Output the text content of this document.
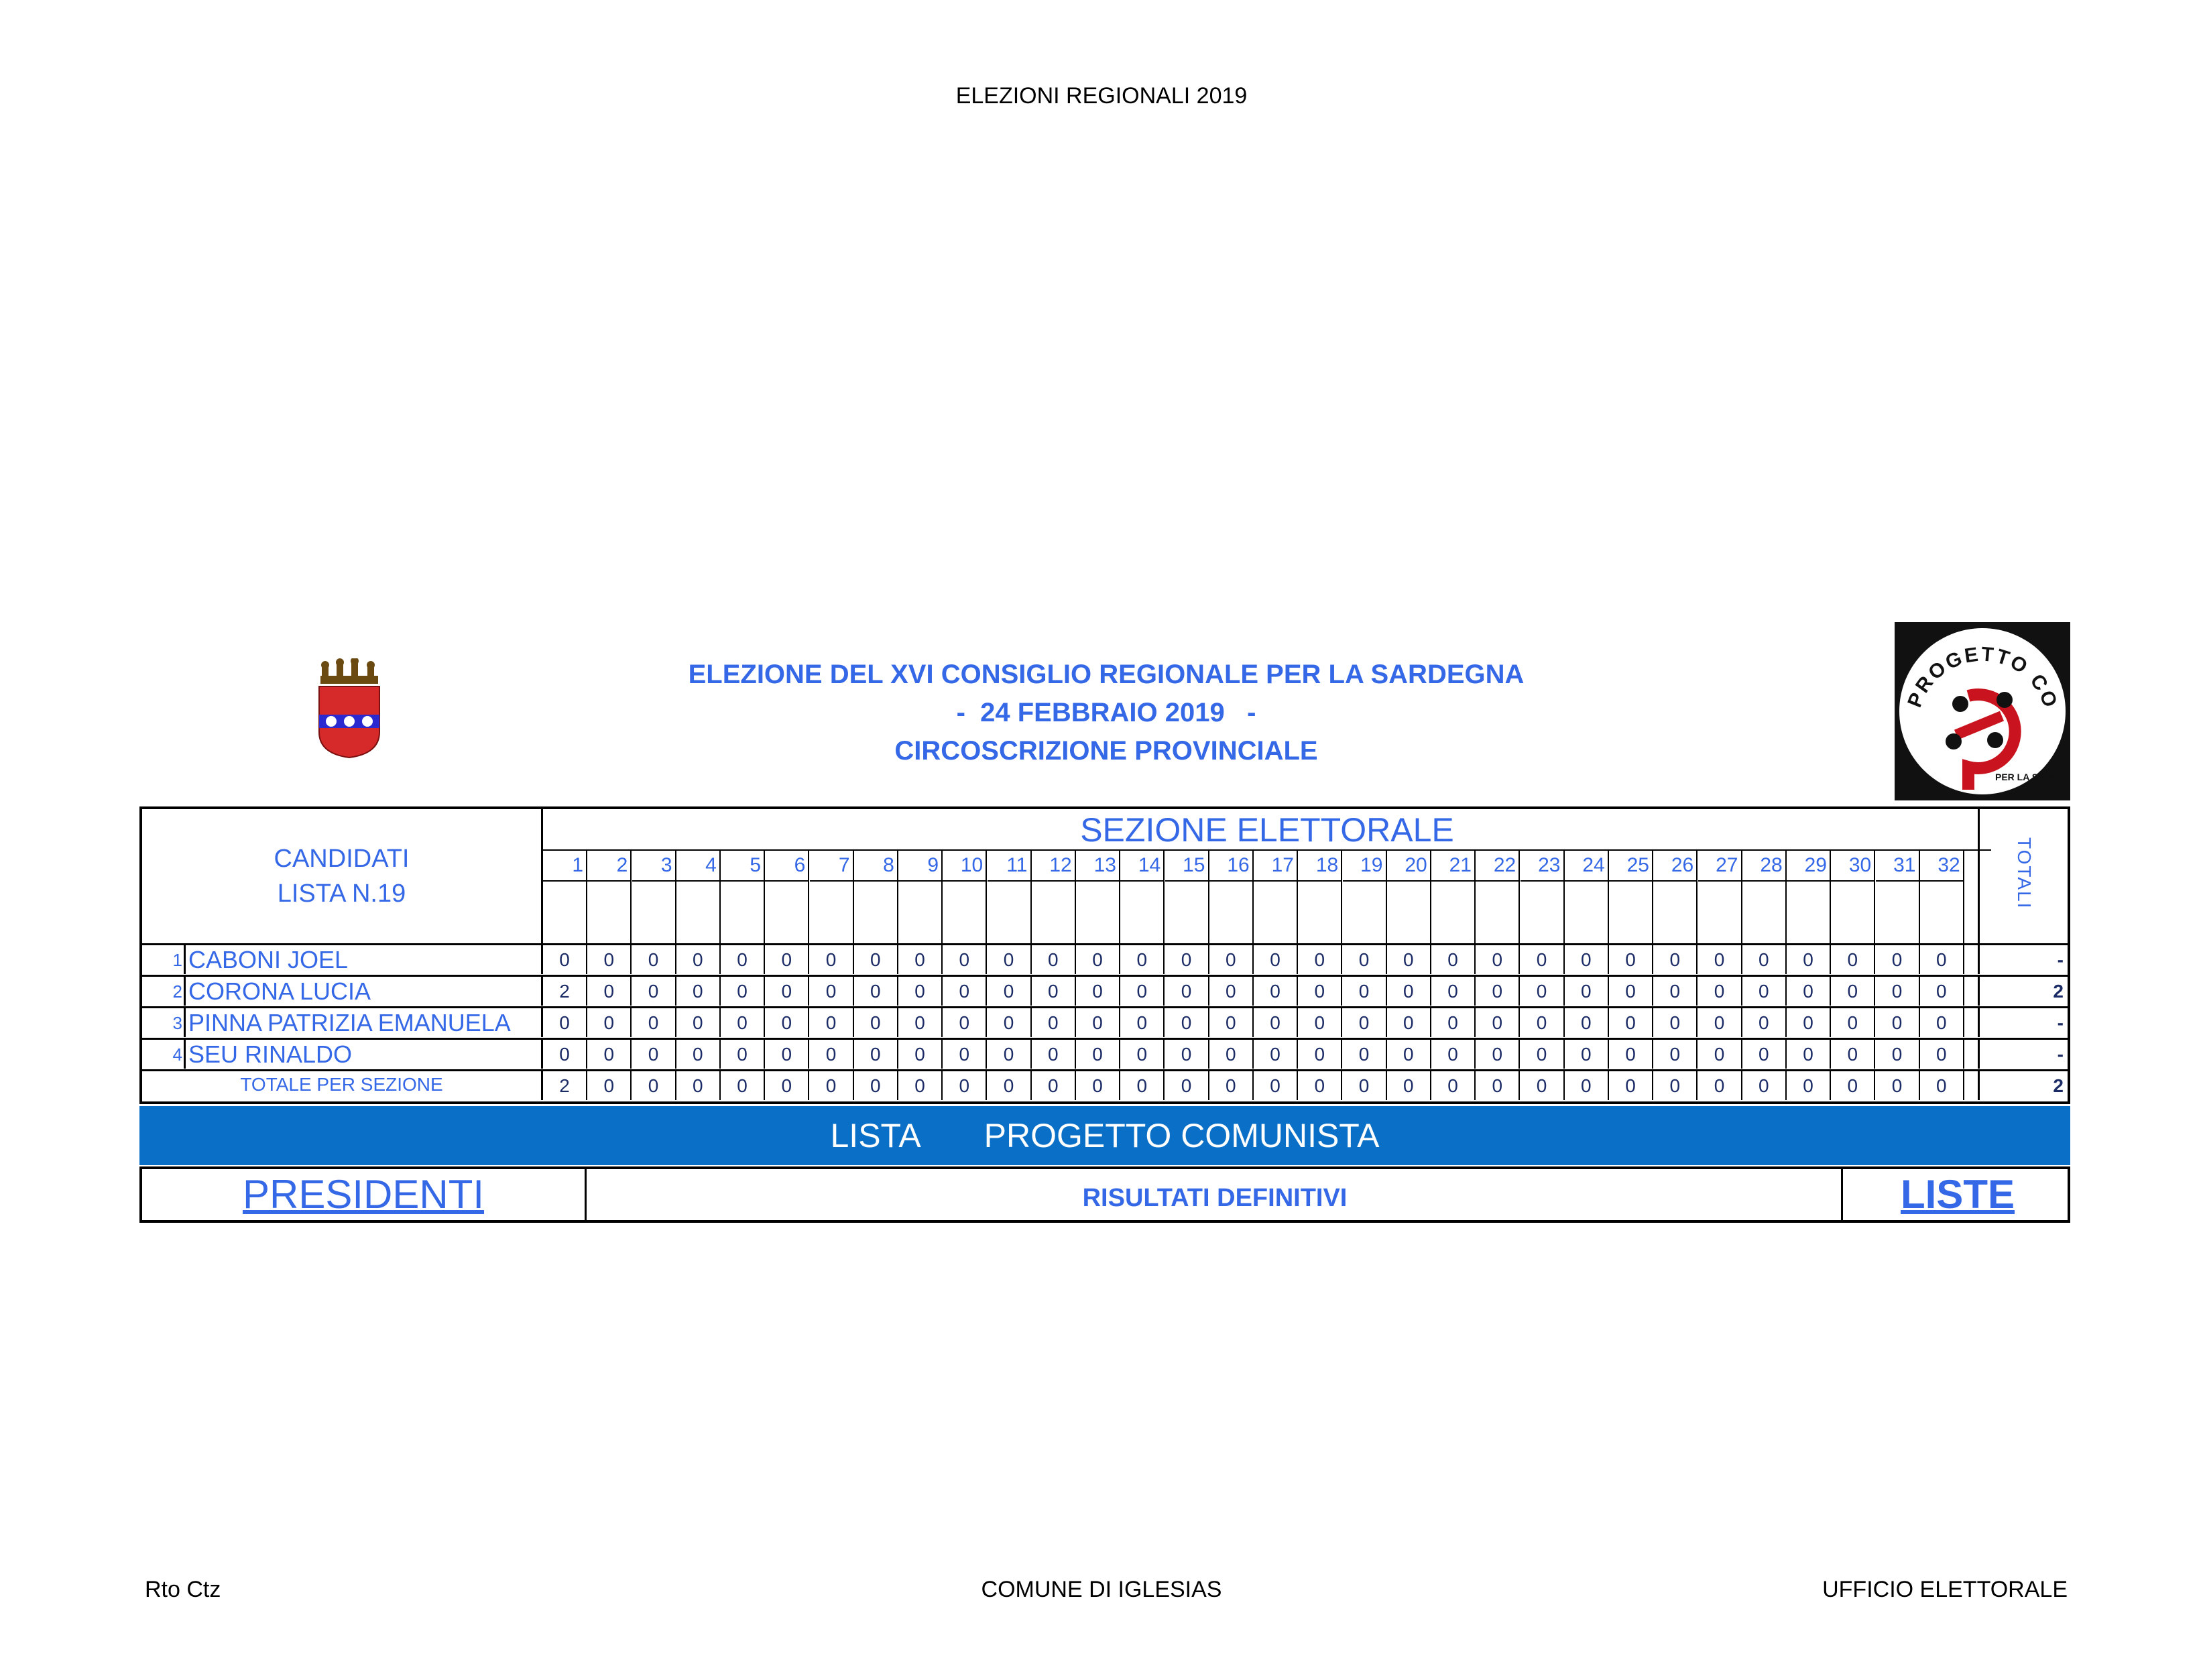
ELEZIONI REGIONALI 2019
ELEZIONE DEL XVI CONSIGLIO REGIONALE PER LA SARDEGNA
-  24 FEBBRAIO 2019   -
CIRCOSCRIZIONE PROVINCIALE
PROGETTO CO
PER LA SARDEG
CANDIDATI
LISTA N.19
SEZIONE ELETTORALE
1 2 3 4 5 6 7 8 9 10 11 12 13 14 15 16 17 18 19 20 21 22 23 24 25 26 27 28 29 30 31 32	TOTALI
1 CABONI JOEL	0	0	0	0	0	0	0	0	0	0	0	0	0	0	0	0	0	0	0	0	0	0	0	0	0	0	0	0	0	0	0	0	-
2 CORONA LUCIA	2	0	0	0	0	0	0	0	0	0	0	0	0	0	0	0	0	0	0	0	0	0	0	0	0	0	0	0	0	0	0	0	2
3 PINNA PATRIZIA EMANUELA	0	0	0	0	0	0	0	0	0	0	0	0	0	0	0	0	0	0	0	0	0	0	0	0	0	0	0	0	0	0	0	0	-
4 SEU RINALDO	0	0	0	0	0	0	0	0	0	0	0	0	0	0	0	0	0	0	0	0	0	0	0	0	0	0	0	0	0	0	0	0	-
TOTALE PER SEZIONE	2	0	0	0	0	0	0	0	0	0	0	0	0	0	0	0	0	0	0	0	0	0	0	0	0	0	0	0	0	0	0	0	2
LISTA PROGETTO COMUNISTA
PRESIDENTI	RISULTATI DEFINITIVI	LISTE
Rto Ctz	COMUNE DI IGLESIAS	UFFICIO ELETTORALE
